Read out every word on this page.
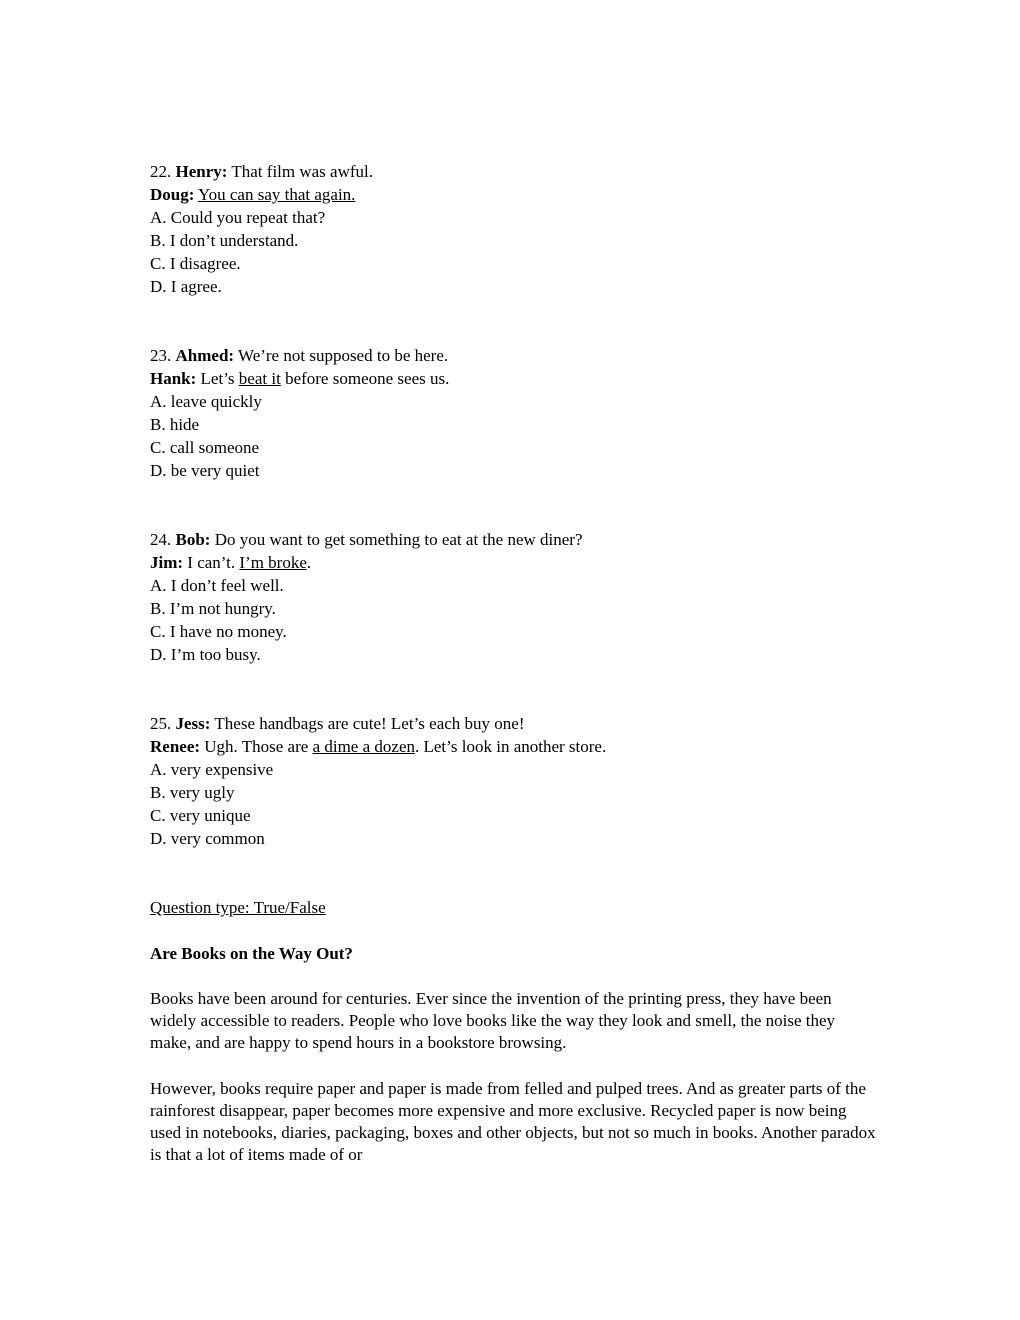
22. Henry: That film was awful.
Doug: You can say that again.
A. Could you repeat that?
B. I don’t understand.
C. I disagree.
D. I agree.
23. Ahmed: We’re not supposed to be here.
Hank: Let’s beat it before someone sees us.
A. leave quickly
B. hide
C. call someone
D. be very quiet
24. Bob: Do you want to get something to eat at the new diner?
Jim: I can’t. I’m broke.
A. I don’t feel well.
B. I’m not hungry.
C. I have no money.
D. I’m too busy.
25. Jess: These handbags are cute! Let’s each buy one!
Renee: Ugh. Those are a dime a dozen. Let’s look in another store.
A. very expensive
B. very ugly
C. very unique
D. very common
Question type: True/False
Are Books on the Way Out?
Books have been around for centuries. Ever since the invention of the printing press, they have been widely accessible to readers. People who love books like the way they look and smell, the noise they make, and are happy to spend hours in a bookstore browsing.
However, books require paper and paper is made from felled and pulped trees. And as greater parts of the rainforest disappear, paper becomes more expensive and more exclusive. Recycled paper is now being used in notebooks, diaries, packaging, boxes and other objects, but not so much in books. Another paradox is that a lot of items made of or
